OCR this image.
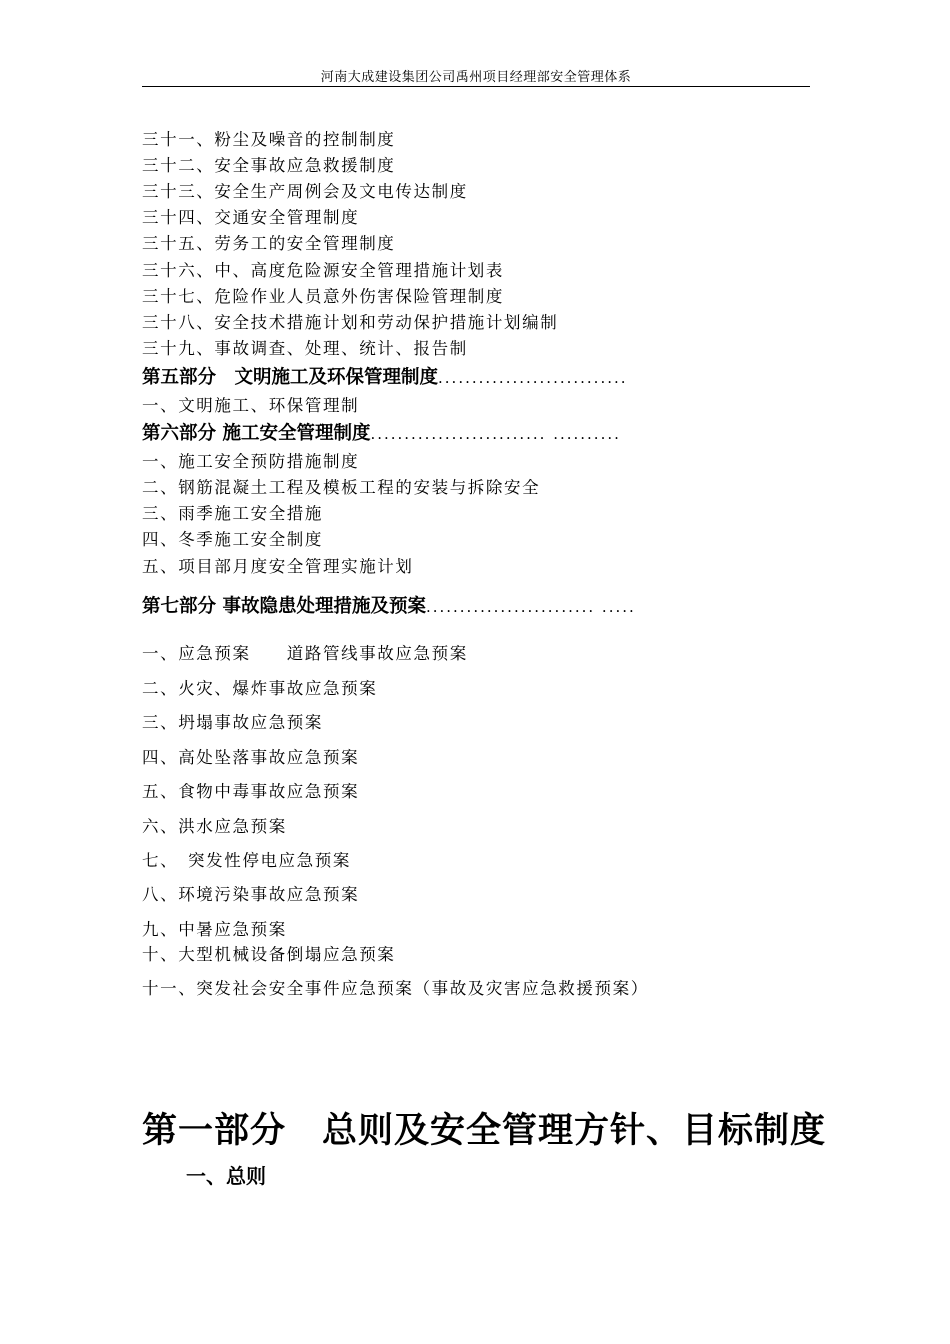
河南大成建设集团公司禹州项目经理部安全管理体系
三十一、粉尘及噪音的控制制度
三十二、安全事故应急救援制度
三十三、安全生产周例会及文电传达制度
三十四、交通安全管理制度
三十五、劳务工的安全管理制度
三十六、中、高度危险源安全管理措施计划表
三十七、危险作业人员意外伤害保险管理制度
三十八、安全技术措施计划和劳动保护措施计划编制
三十九、事故调查、处理、统计、报告制
第五部分　文明施工及环保管理制度............................
一、文明施工、环保管理制
第六部分 施工安全管理制度.......................... ..........
一、施工安全预防措施制度
二、钢筋混凝土工程及模板工程的安装与拆除安全
三、雨季施工安全措施
四、冬季施工安全制度
五、项目部月度安全管理实施计划
第七部分 事故隐患处理措施及预案......................... .....
一、应急预案　　道路管线事故应急预案
二、火灾、爆炸事故应急预案
三、坍塌事故应急预案
四、高处坠落事故应急预案
五、食物中毒事故应急预案
六、洪水应急预案
七、　突发性停电应急预案
八、环境污染事故应急预案
九、中暑应急预案
十、大型机械设备倒塌应急预案
十一、突发社会安全事件应急预案（事故及灾害应急救援预案）
第一部分　总则及安全管理方针、目标制度
一、总则
